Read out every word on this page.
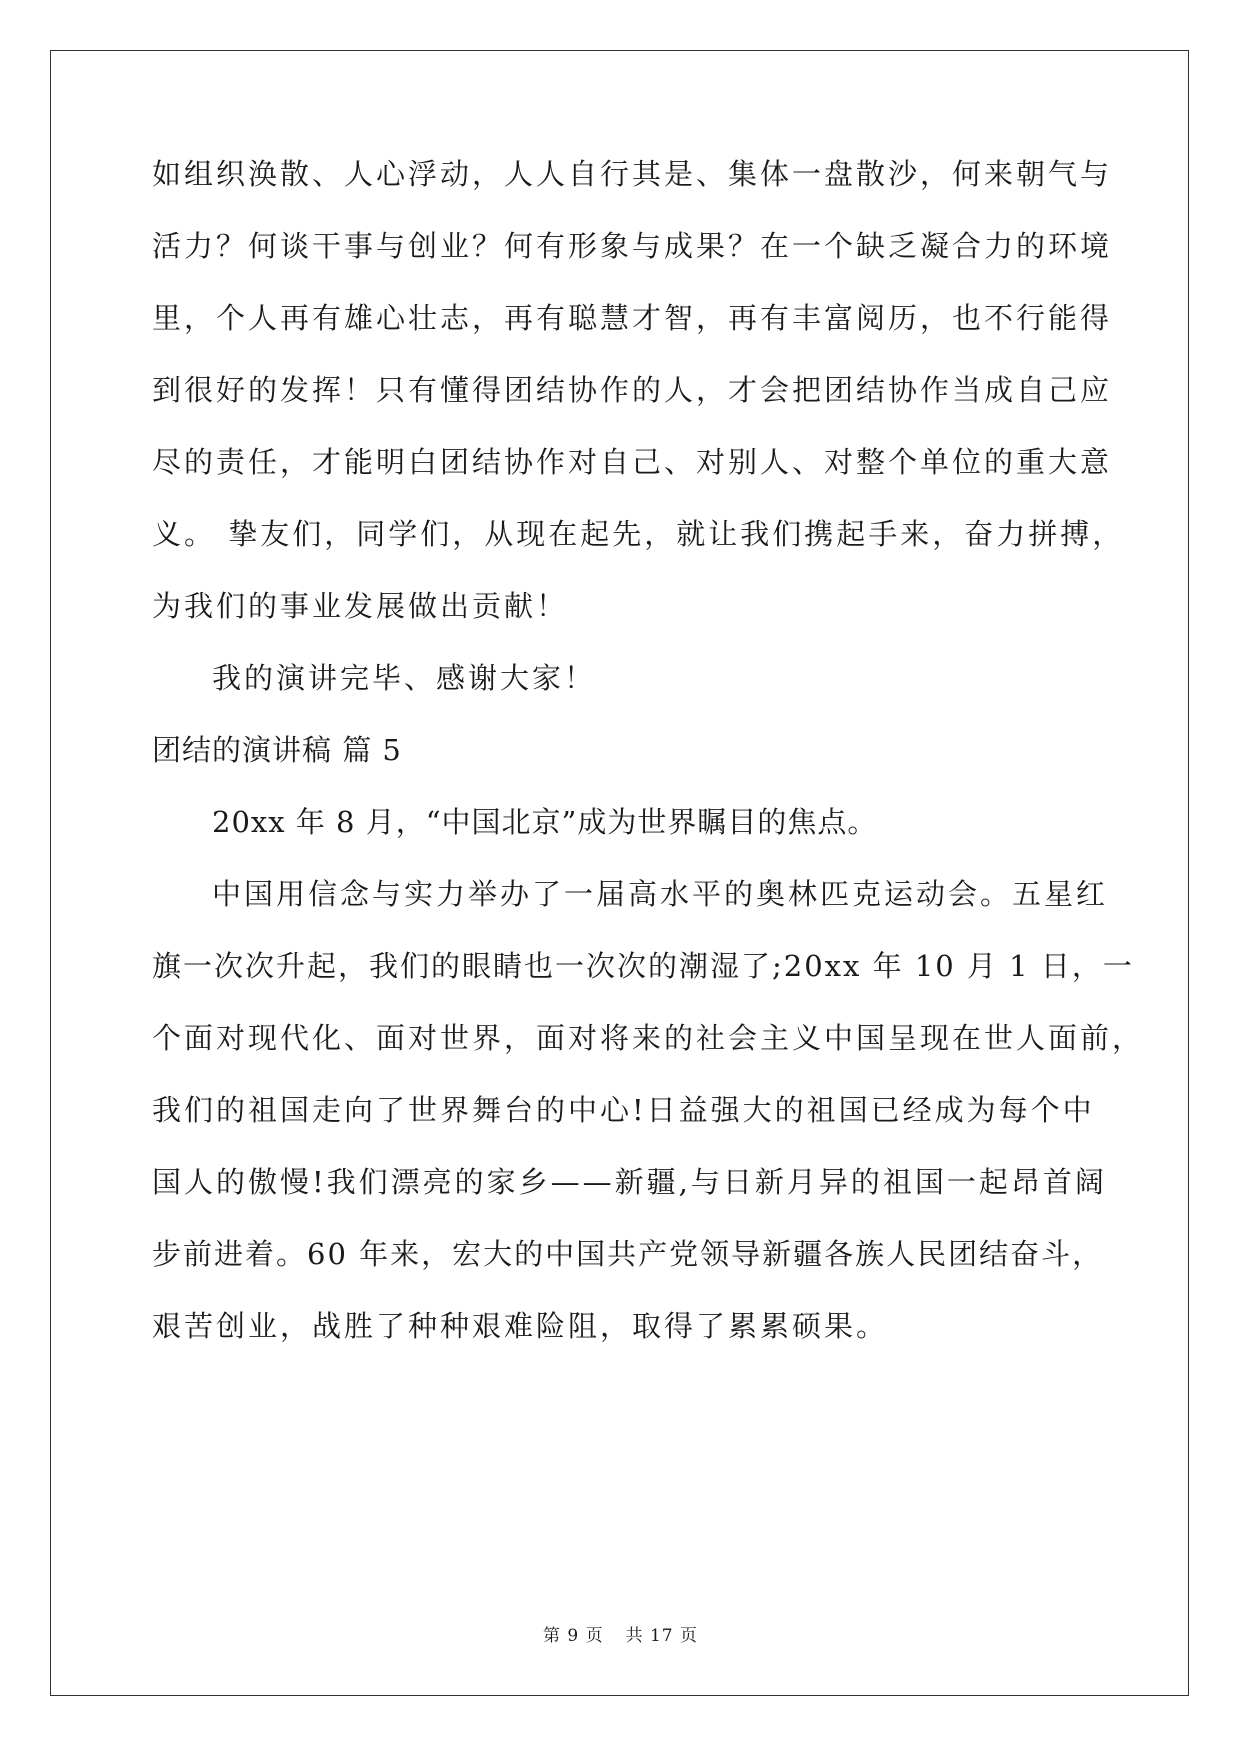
如组织涣散、人心浮动，人人自行其是、集体一盘散沙，何来朝气与
活力？何谈干事与创业？何有形象与成果？在一个缺乏凝合力的环境
里，个人再有雄心壮志，再有聪慧才智，再有丰富阅历，也不行能得
到很好的发挥！只有懂得团结协作的人，才会把团结协作当成自己应
尽的责任，才能明白团结协作对自己、对别人、对整个单位的重大意
义。 挚友们，同学们，从现在起先，就让我们携起手来，奋力拼搏，
为我们的事业发展做出贡献！
我的演讲完毕、感谢大家！
团结的演讲稿 篇 5
20xx 年 8 月，“中国北京”成为世界瞩目的焦点。
中国用信念与实力举办了一届高水平的奥林匹克运动会。五星红
旗一次次升起，我们的眼睛也一次次的潮湿了;20xx 年 10 月 1 日，一
个面对现代化、面对世界，面对将来的社会主义中国呈现在世人面前，
我们的祖国走向了世界舞台的中心!日益强大的祖国已经成为每个中
国人的傲慢!我们漂亮的家乡——新疆,与日新月异的祖国一起昂首阔
步前进着。60 年来，宏大的中国共产党领导新疆各族人民团结奋斗，
艰苦创业，战胜了种种艰难险阻，取得了累累硕果。
第 9 页 共 17 页
